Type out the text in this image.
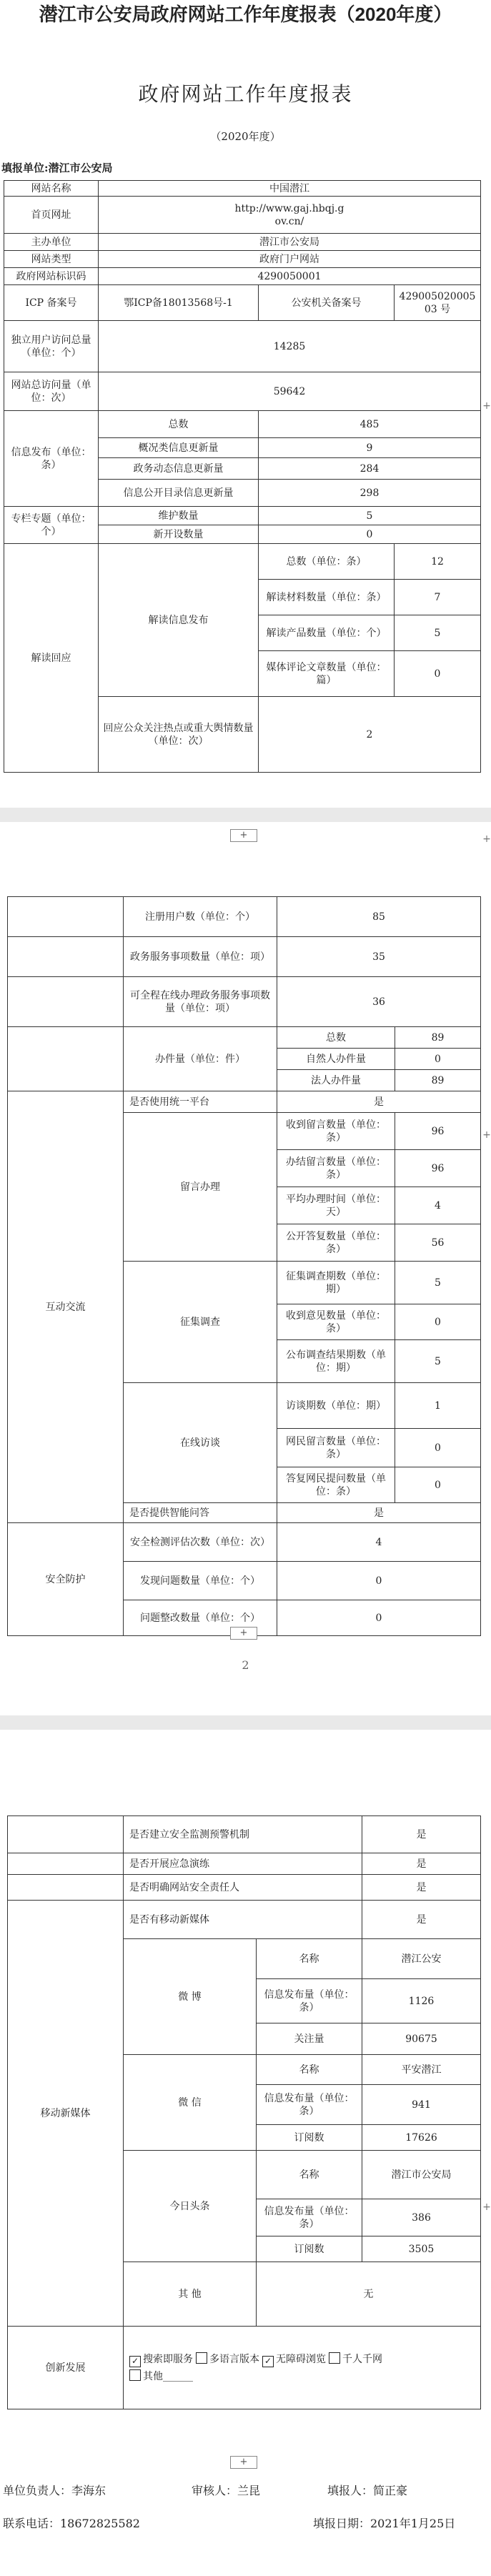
潜江市公安局政府网站工作年度报表（2020年度）
政府网站工作年度报表
（2020年度）
填报单位:潜江市公安局
网站名称	中国潜江		
首页网址	http://www.gaj.hbqj.gov.cn/		
主办单位	潜江市公安局		
网站类型	政府门户网站		
政府网站标识码	4290050001		
ICP 备案号	鄂ICP备18013568号-1	公安机关备案号	42900502000503 号
独立用户访问总量（单位：个）	14285		
网站总访问量（单位：次）	59642		
信息发布（单位：条）	总数	485	
	概况类信息更新量	9	
	政务动态信息更新量	284	
	信息公开目录信息更新量	298	
专栏专题（单位：个）	维护数量	5	
	新开设数量	0	
解读回应	解读信息发布	总数（单位：条）	12
		解读材料数量（单位：条）	7
		解读产品数量（单位：个）	5
		媒体评论文章数量（单位：篇）	0
	回应公众关注热点或重大舆情数量（单位：次）	2	
+
+	+
	注册用户数（单位：个）	85	
	政务服务事项数量（单位：项）	35	
	可全程在线办理政务服务事项数量（单位：项）	36	
	办件量（单位：件）	总数	89
		自然人办件量	0
		法人办件量	89
互动交流	是否使用统一平台	是	
	留言办理	收到留言数量（单位：条）	96
		办结留言数量（单位：条）	96
		平均办理时间（单位：天）	4
		公开答复数量（单位：条）	56
	征集调查	征集调查期数（单位：期）	5
		收到意见数量（单位：条）	0
		公布调查结果期数（单位：期）	5
	在线访谈	访谈期数（单位：期）	1
		网民留言数量（单位：条）	0
		答复网民提问数量（单位：条）	0
	是否提供智能问答	是	
安全防护	安全检测评估次数（单位：次）	4	
	发现问题数量（单位：个）	0	
	问题整改数量（单位：个）	0	
+
+
2
	是否建立安全监测预警机制		是
	是否开展应急演练		是
	是否明确网站安全责任人		是
移动新媒体	是否有移动新媒体		是
	微 博	名称	潜江公安
		信息发布量（单位：条）	1126
		关注量	90675
	微 信	名称	平安潜江
		信息发布量（单位：条）	941
		订阅数	17626
	今日头条	名称	潜江市公安局
		信息发布量（单位：条）	386
		订阅数	3505
	其 他	无	
创新发展	✓ 搜索即服务 多语言版本 ✓ 无障碍浏览 千人千网
其他______		
+
+
单位负责人：李海东	审核人：兰昆	填报人：简正豪
联系电话：18672825582	填报日期：2021年1月25日
